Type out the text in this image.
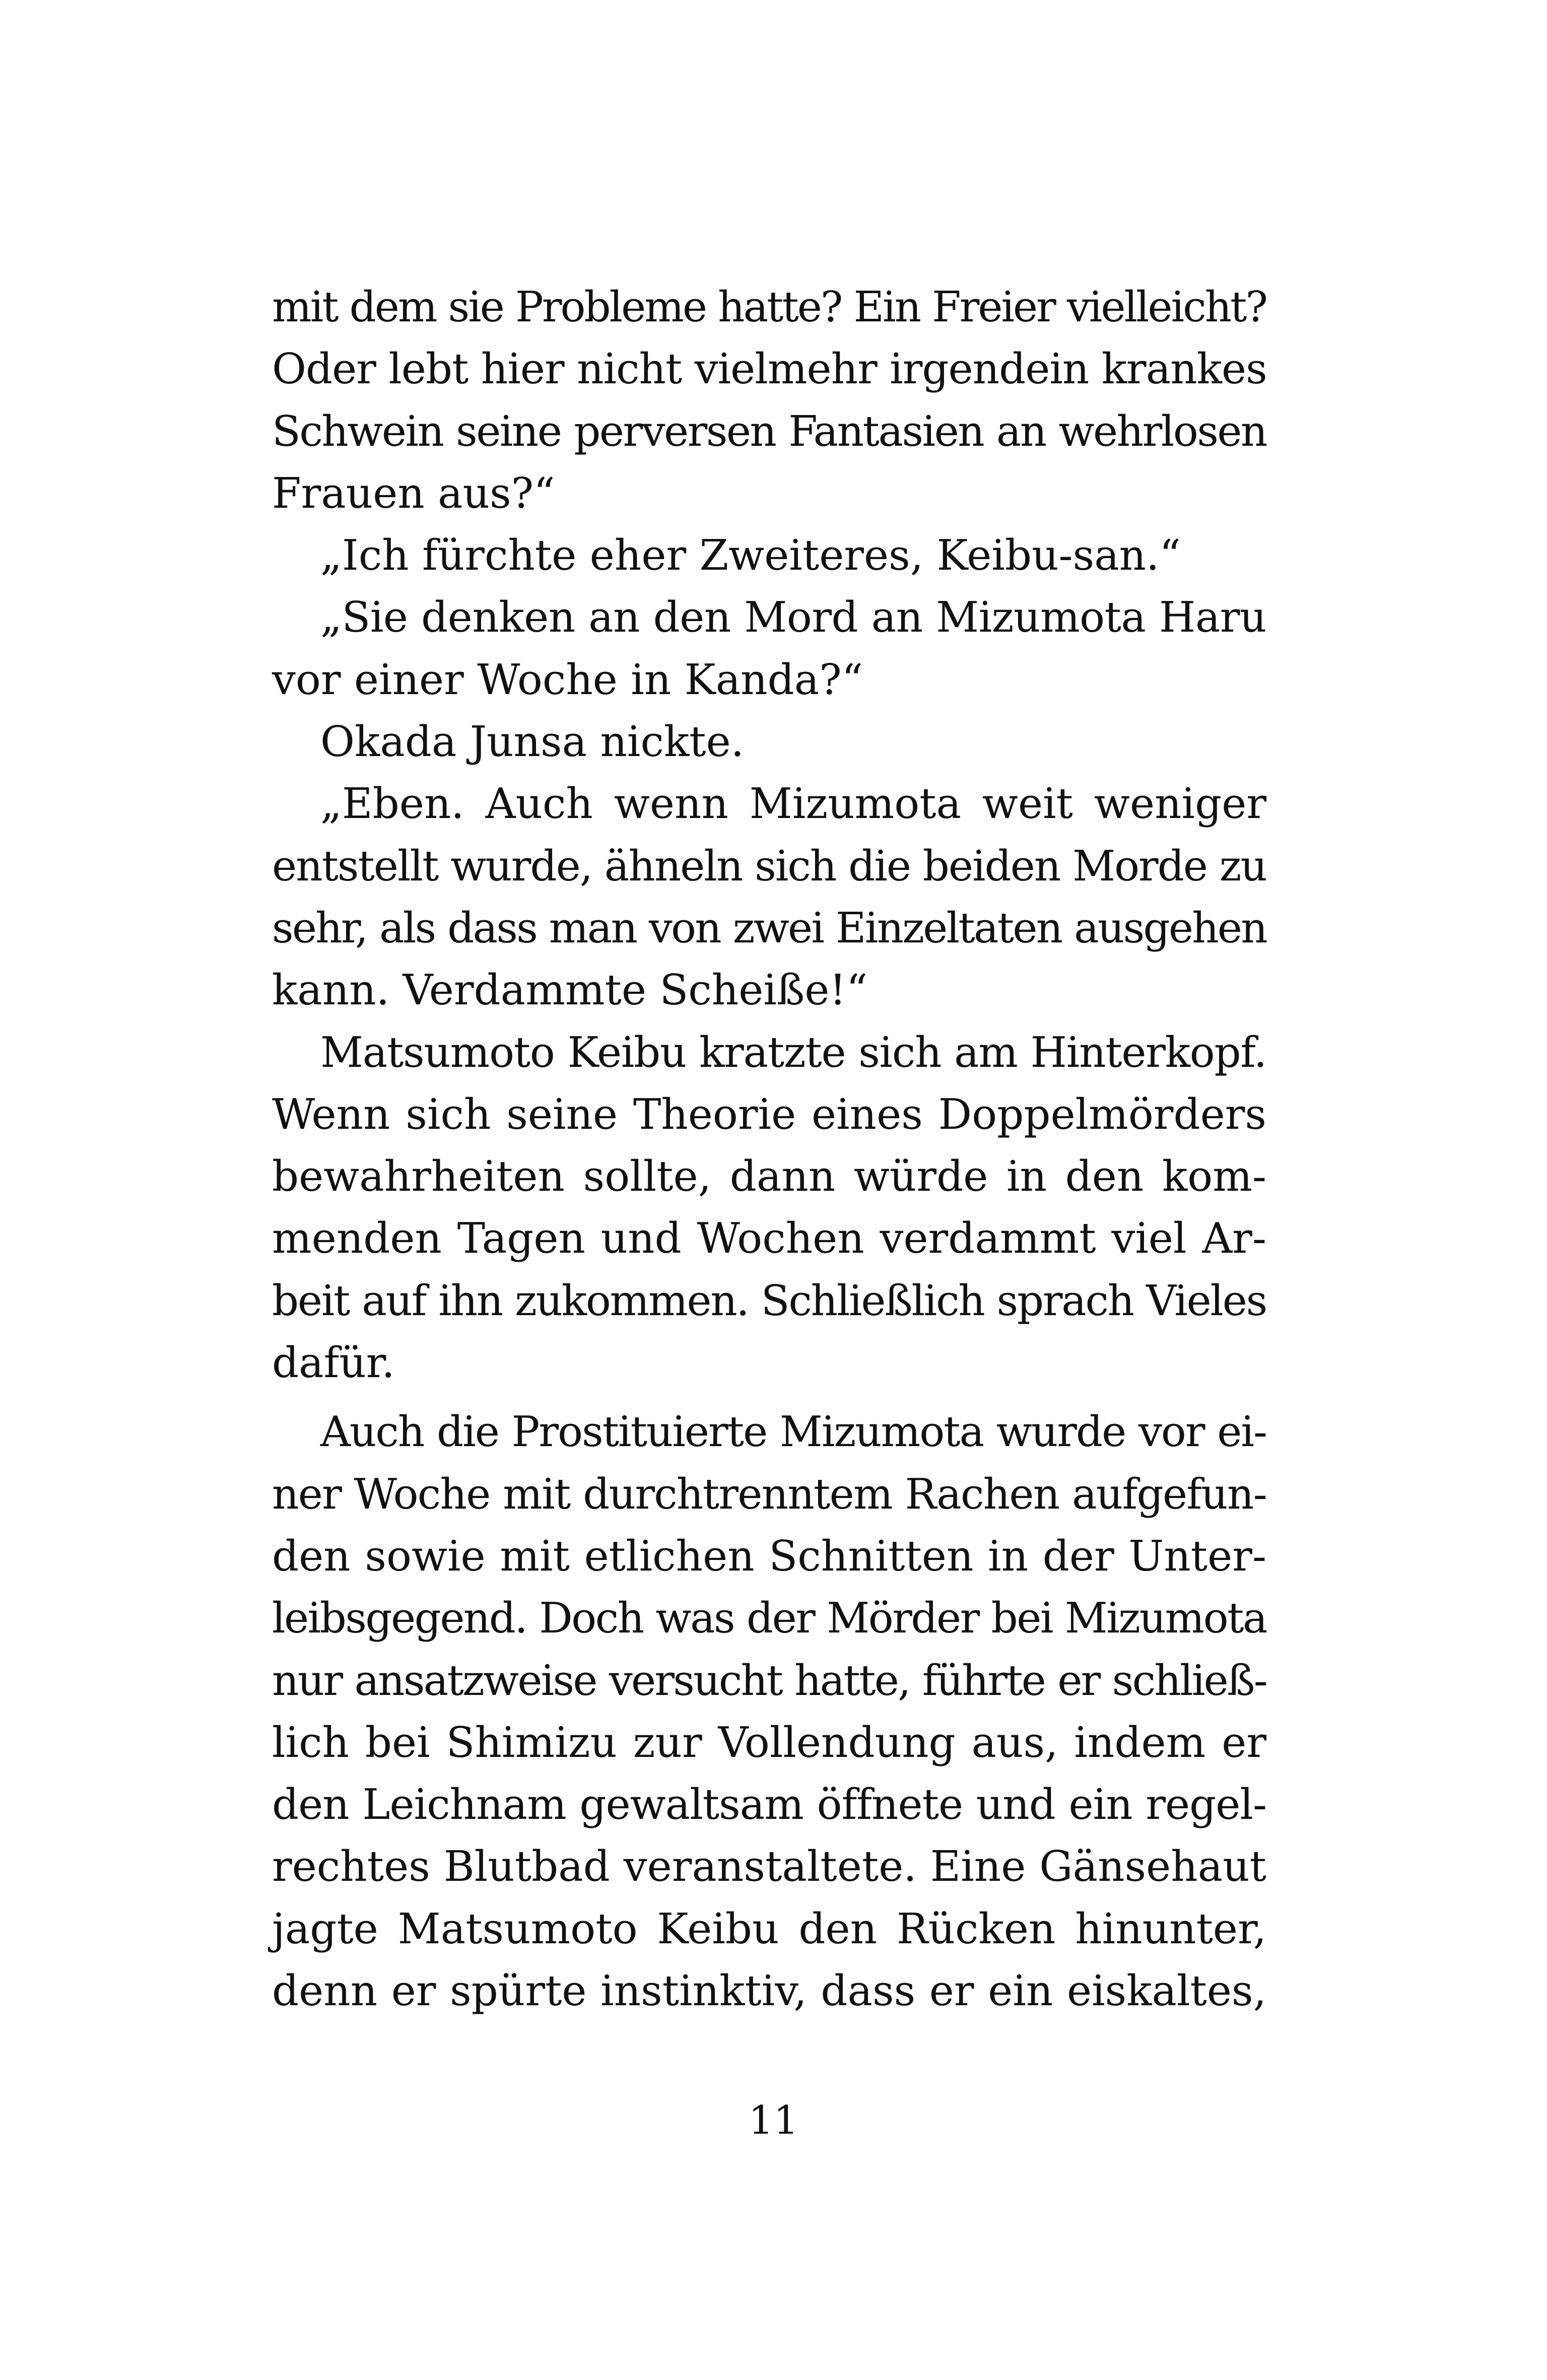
mit dem sie Probleme hatte? Ein Freier vielleicht?
Oder lebt hier nicht vielmehr irgendein krankes
Schwein seine perversen Fantasien an wehrlosen
Frauen aus?“
„Ich fürchte eher Zweiteres, Keibu-san.“
„Sie denken an den Mord an Mizumota Haru
vor einer Woche in Kanda?“
Okada Junsa nickte.
„Eben. Auch wenn Mizumota weit weniger
entstellt wurde, ähneln sich die beiden Morde zu
sehr, als dass man von zwei Einzeltaten ausgehen
kann. Verdammte Scheiße!“
Matsumoto Keibu kratzte sich am Hinterkopf.
Wenn sich seine Theorie eines Doppelmörders
bewahrheiten sollte, dann würde in den kom-
menden Tagen und Wochen verdammt viel Ar-
beit auf ihn zukommen. Schließlich sprach Vieles
dafür.
Auch die Prostituierte Mizumota wurde vor ei-
ner Woche mit durchtrenntem Rachen aufgefun-
den sowie mit etlichen Schnitten in der Unter-
leibsgegend. Doch was der Mörder bei Mizumota
nur ansatzweise versucht hatte, führte er schließ-
lich bei Shimizu zur Vollendung aus, indem er
den Leichnam gewaltsam öffnete und ein regel-
rechtes Blutbad veranstaltete. Eine Gänsehaut
jagte Matsumoto Keibu den Rücken hinunter,
denn er spürte instinktiv, dass er ein eiskaltes,
11
